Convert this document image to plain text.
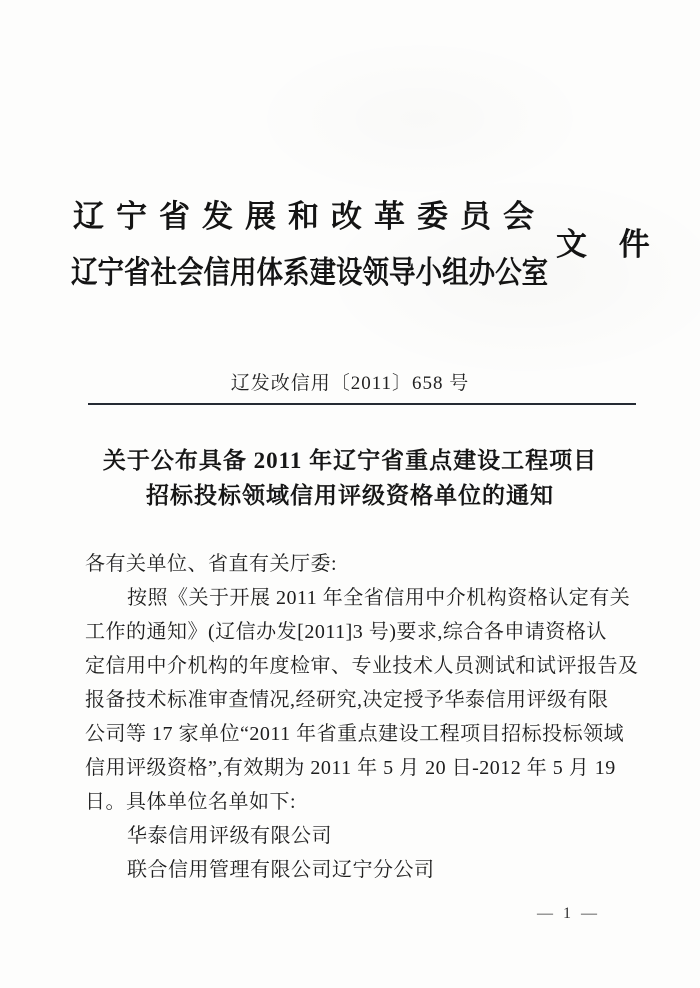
辽宁省发展和改革委员会
辽宁省社会信用体系建设领导小组办公室
文 件
辽发改信用〔2011〕658 号
关于公布具备 2011 年辽宁省重点建设工程项目
招标投标领域信用评级资格单位的通知
各有关单位、省直有关厅委:
按照《关于开展 2011 年全省信用中介机构资格认定有关
工作的通知》(辽信办发[2011]3 号)要求,综合各申请资格认
定信用中介机构的年度检审、专业技术人员测试和试评报告及
报备技术标准审查情况,经研究,决定授予华泰信用评级有限
公司等 17 家单位“2011 年省重点建设工程项目招标投标领域
信用评级资格”,有效期为 2011 年 5 月 20 日-2012 年 5 月 19
日。具体单位名单如下:
华泰信用评级有限公司
联合信用管理有限公司辽宁分公司
— 1 —
